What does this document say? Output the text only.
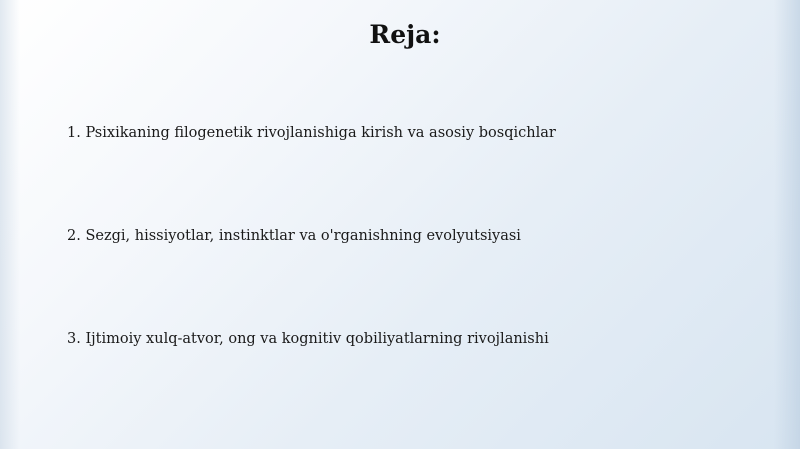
Reja:
1. Psixikaning filogenetik rivojlanishiga kirish va asosiy bosqichlar
2. Sezgi, hissiyotlar, instinktlar va o'rganishning evolyutsiyasi
3. Ijtimoiy xulq-atvor, ong va kognitiv qobiliyatlarning rivojlanishi
